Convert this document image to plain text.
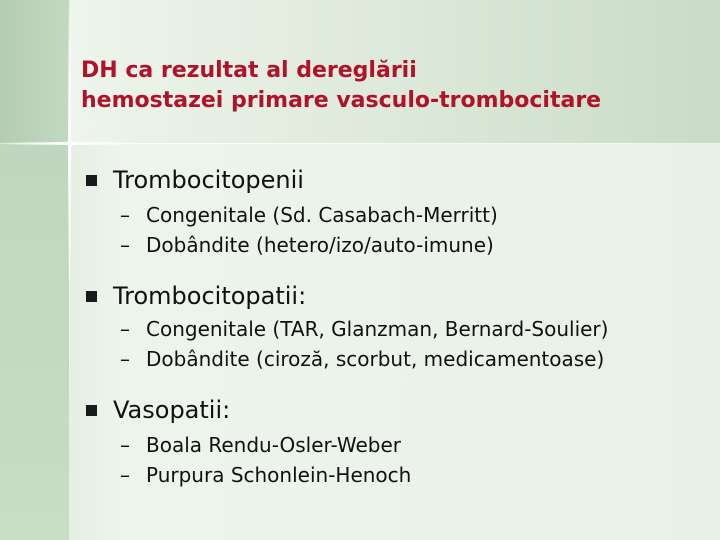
DH ca rezultat al dereglării
hemostazei primare vasculo-trombocitare
Trombocitopenii
– Congenitale (Sd. Casabach-Merritt)
– Dobândite (hetero/izo/auto-imune)
Trombocitopatii:
– Congenitale (TAR, Glanzman, Bernard-Soulier)
– Dobândite (ciroză, scorbut, medicamentoase)
Vasopatii:
– Boala Rendu-Osler-Weber
– Purpura Schonlein-Henoch
